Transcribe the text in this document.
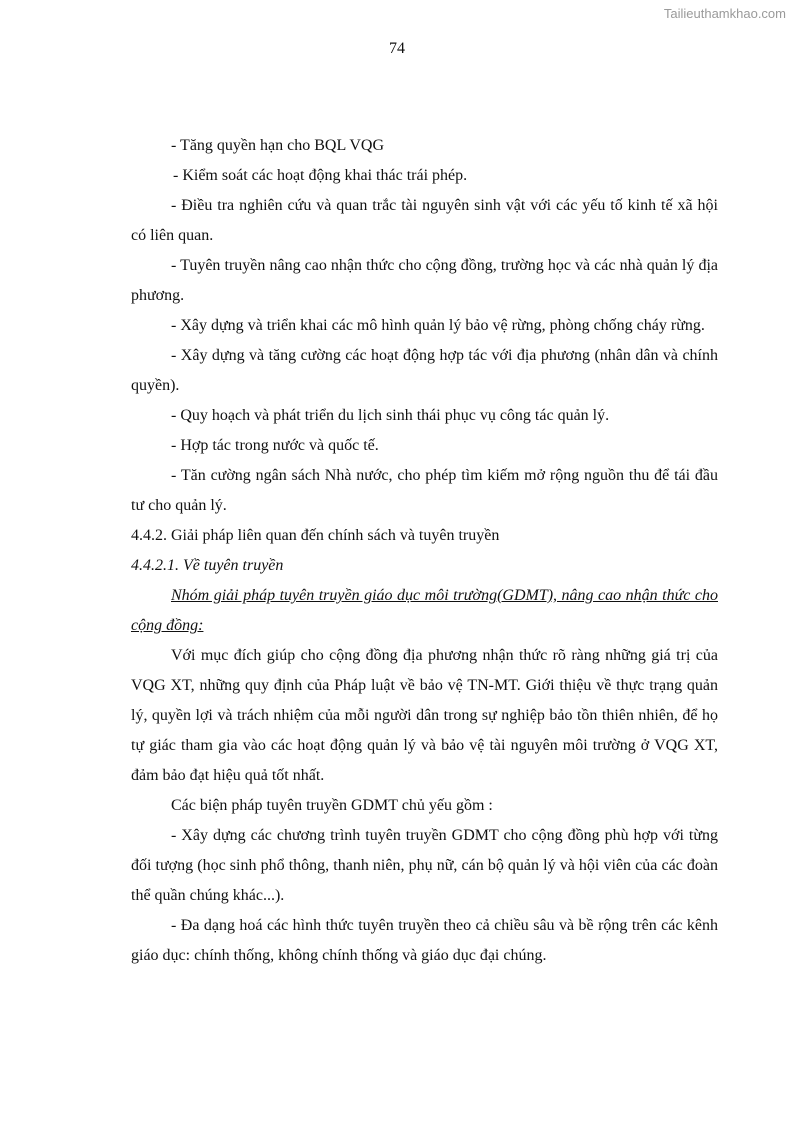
Tailieuthamkhao.com
74

- Tăng quyền hạn cho BQL VQG

- Kiểm soát các hoạt động khai thác trái phép.

- Điều tra nghiên cứu và quan trắc tài nguyên sinh vật với các yếu tố kinh tế xã hội có liên quan.

- Tuyên truyền nâng cao nhận thức cho cộng đồng, trường học và các nhà quản lý địa phương.

- Xây dựng và triển khai các mô hình quản lý bảo vệ rừng, phòng chống cháy rừng.

- Xây dựng và tăng cường các hoạt động hợp tác với địa phương (nhân dân và chính quyền).

- Quy hoạch và phát triển du lịch sinh thái phục vụ công tác quản lý.

- Hợp tác trong nước và quốc tế.

- Tăn cường ngân sách Nhà nước, cho phép tìm kiếm mở rộng nguồn thu để tái đầu tư cho quản lý.

4.4.2. Giải pháp liên quan đến chính sách và tuyên truyền

4.4.2.1. Về tuyên truyền

Nhóm giải pháp tuyên truyền giáo dục môi trường(GDMT), nâng cao nhận thức cho cộng đồng:

Với mục đích giúp cho cộng đồng địa phương nhận thức rõ ràng những giá trị của VQG XT, những quy định của Pháp luật về bảo vệ TN-MT. Giới thiệu về thực trạng quản lý, quyền lợi và trách nhiệm của mỗi người dân trong sự nghiệp bảo tồn thiên nhiên, để họ tự giác tham gia vào các hoạt động quản lý và bảo vệ tài nguyên môi trường ở VQG XT, đảm bảo đạt hiệu quả tốt nhất.

Các biện pháp tuyên truyền GDMT chủ yếu gồm :

- Xây dựng các chương trình tuyên truyền GDMT cho cộng đồng phù hợp với từng đối tượng (học sinh phổ thông, thanh niên, phụ nữ, cán bộ quản lý và hội viên của các đoàn thể quần chúng khác...).

- Đa dạng hoá các hình thức tuyên truyền theo cả chiều sâu và bề rộng trên các kênh giáo dục: chính thống, không chính thống và giáo dục đại chúng.
